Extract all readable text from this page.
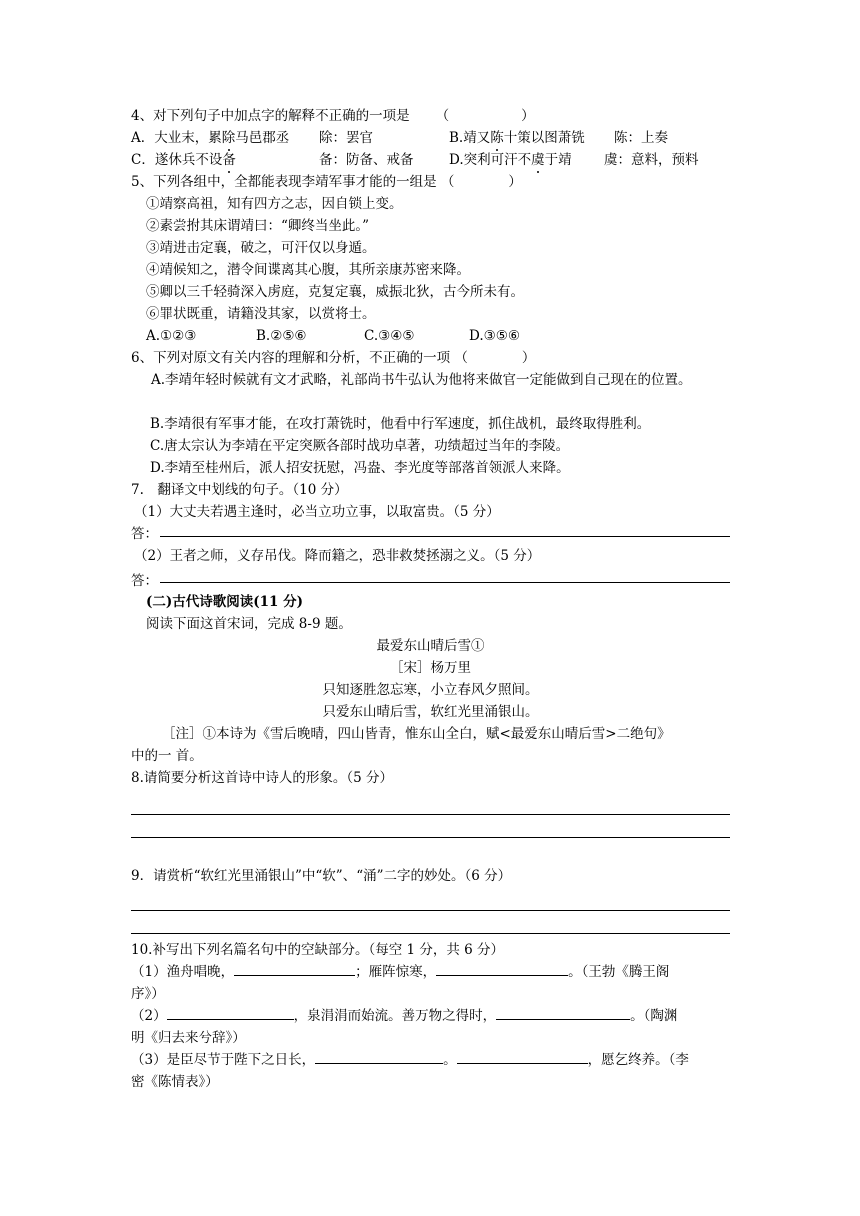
4、对下列句子中加点字的解释不正确的一项是 （	）
A．大业末，累除马邑郡丞 除：罢官	B.靖又陈十策以图萧铣 陈：上奏
C．遂休兵不设备	备：防备、戒备	D.突利可汗不虞于靖 虞：意料，预料
5、下列各组中，全都能表现李靖军事才能的一组是 （　　　　）
①靖察高祖，知有四方之志，因自锁上变。
②素尝拊其床谓靖曰：“卿终当坐此。”
③靖进击定襄，破之，可汗仅以身遁。
④靖候知之，潜令间谍离其心腹，其所亲康苏密来降。
⑤卿以三千轻骑深入虏庭，克复定襄，威振北狄，古今所未有。
⑥罪状既重，请籍没其家，以赏将士。
A.①②③	B.②⑤⑥	C.③④⑤	D.③⑤⑥
6、下列对原文有关内容的理解和分析，不正确的一项 （　　　　）
A.李靖年轻时候就有文才武略，礼部尚书牛弘认为他将来做官一定能做到自己现在的位置。
B.李靖很有军事才能，在攻打萧铣时，他看中行军速度，抓住战机，最终取得胜利。
C.唐太宗认为李靖在平定突厥各部时战功卓著，功绩超过当年的李陵。
D.李靖至桂州后，派人招安抚慰，冯盎、李光度等部落首领派人来降。
7.　翻译文中划线的句子。（10 分）
（1）大丈夫若遇主逢时，必当立功立事，以取富贵。（5 分）
答：
（2）王者之师，义存吊伐。降而籍之，恐非救焚拯溺之义。（5 分）
答：
(二)古代诗歌阅读(11 分)
阅读下面这首宋词，完成 8-9 题。
最爱东山晴后雪①
［宋］杨万里
只知逐胜忽忘寒，小立春风夕照间。
只爱东山晴后雪，软红光里涌银山。
［注］①本诗为《雪后晚晴，四山皆青，惟东山全白，赋<最爱东山晴后雪>二绝句》
中的一 首。
8.请简要分析这首诗中诗人的形象。（5 分）
9．请赏析“软红光里涌银山”中“软”、“涌”二字的妙处。（6 分）
10.补写出下列名篇名句中的空缺部分。（每空 1 分，共 6 分）
（1）渔舟唱晚，	；雁阵惊寒，	。（王勃《腾王阁
序》）
（2）	，泉涓涓而始流。善万物之得时，	。（陶渊
明《归去来兮辞》）
（3）是臣尽节于陛下之日长，	。	，愿乞终养。（李
密《陈情表》）
